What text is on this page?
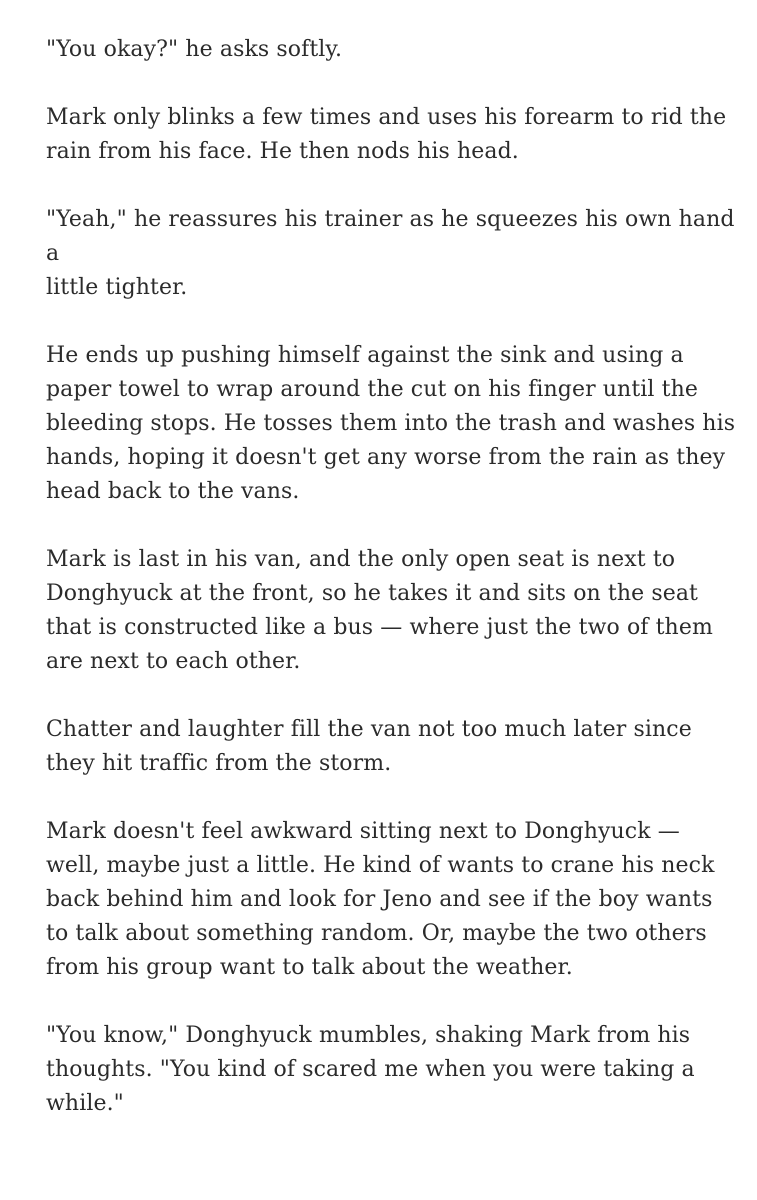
"You okay?" he asks softly.

Mark only blinks a few times and uses his forearm to rid the
rain from his face. He then nods his head.

"Yeah," he reassures his trainer as he squeezes his own hand a
little tighter.

He ends up pushing himself against the sink and using a
paper towel to wrap around the cut on his finger until the
bleeding stops. He tosses them into the trash and washes his
hands, hoping it doesn't get any worse from the rain as they
head back to the vans.

Mark is last in his van, and the only open seat is next to
Donghyuck at the front, so he takes it and sits on the seat
that is constructed like a bus — where just the two of them
are next to each other.

Chatter and laughter fill the van not too much later since
they hit traffic from the storm.

Mark doesn't feel awkward sitting next to Donghyuck —
well, maybe just a little. He kind of wants to crane his neck
back behind him and look for Jeno and see if the boy wants
to talk about something random. Or, maybe the two others
from his group want to talk about the weather.

"You know," Donghyuck mumbles, shaking Mark from his
thoughts. "You kind of scared me when you were taking a
while."
